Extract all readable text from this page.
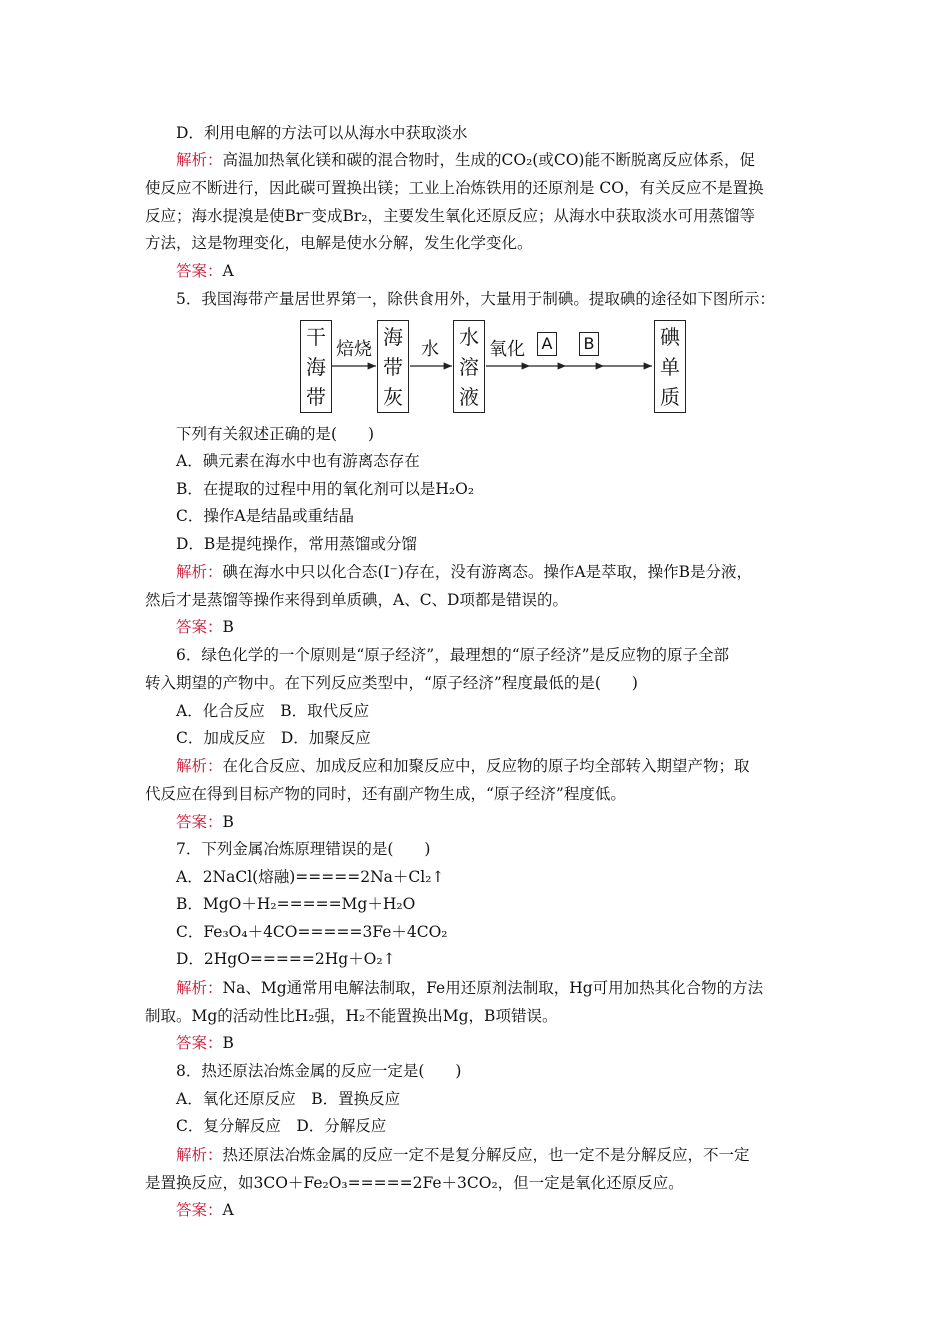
D．利用电解的方法可以从海水中获取淡水
解析：高温加热氧化镁和碳的混合物时，生成的CO₂(或CO)能不断脱离反应体系，促
使反应不断进行，因此碳可置换出镁；工业上冶炼铁用的还原剂是 CO，有关反应不是置换
反应；海水提溴是使Br⁻变成Br₂，主要发生氧化还原反应；从海水中获取淡水可用蒸馏等
方法，这是物理变化，电解是使水分解，发生化学变化。
答案：A
5．我国海带产量居世界第一，除供食用外，大量用于制碘。提取碘的途径如下图所示：
干
海
带
焙烧
海
带
灰
水
水
溶
液
氧化 A B	碘
单
质
下列有关叙述正确的是(　　)
A．碘元素在海水中也有游离态存在
B．在提取的过程中用的氧化剂可以是H₂O₂
C．操作A是结晶或重结晶
D．B是提纯操作，常用蒸馏或分馏
解析：碘在海水中只以化合态(I⁻)存在，没有游离态。操作A是萃取，操作B是分液，
然后才是蒸馏等操作来得到单质碘，A、C、D项都是错误的。
答案：B
6．绿色化学的一个原则是“原子经济”，最理想的“原子经济”是反应物的原子全部
转入期望的产物中。在下列反应类型中，“原子经济”程度最低的是(　　)
A．化合反应　B．取代反应
C．加成反应　D．加聚反应
解析：在化合反应、加成反应和加聚反应中，反应物的原子均全部转入期望产物；取
代反应在得到目标产物的同时，还有副产物生成，“原子经济”程度低。
答案：B
7．下列金属冶炼原理错误的是(　　)
A．2NaCl(熔融)=====2Na＋Cl₂↑
B．MgO＋H₂=====Mg＋H₂O
C．Fe₃O₄＋4CO=====3Fe＋4CO₂
D．2HgO=====2Hg＋O₂↑
解析：Na、Mg通常用电解法制取，Fe用还原剂法制取，Hg可用加热其化合物的方法
制取。Mg的活动性比H₂强，H₂不能置换出Mg，B项错误。
答案：B
8．热还原法冶炼金属的反应一定是(　　)
A．氧化还原反应　B．置换反应
C．复分解反应　D．分解反应
解析：热还原法冶炼金属的反应一定不是复分解反应，也一定不是分解反应，不一定
是置换反应，如3CO＋Fe₂O₃=====2Fe＋3CO₂，但一定是氧化还原反应。
答案：A
